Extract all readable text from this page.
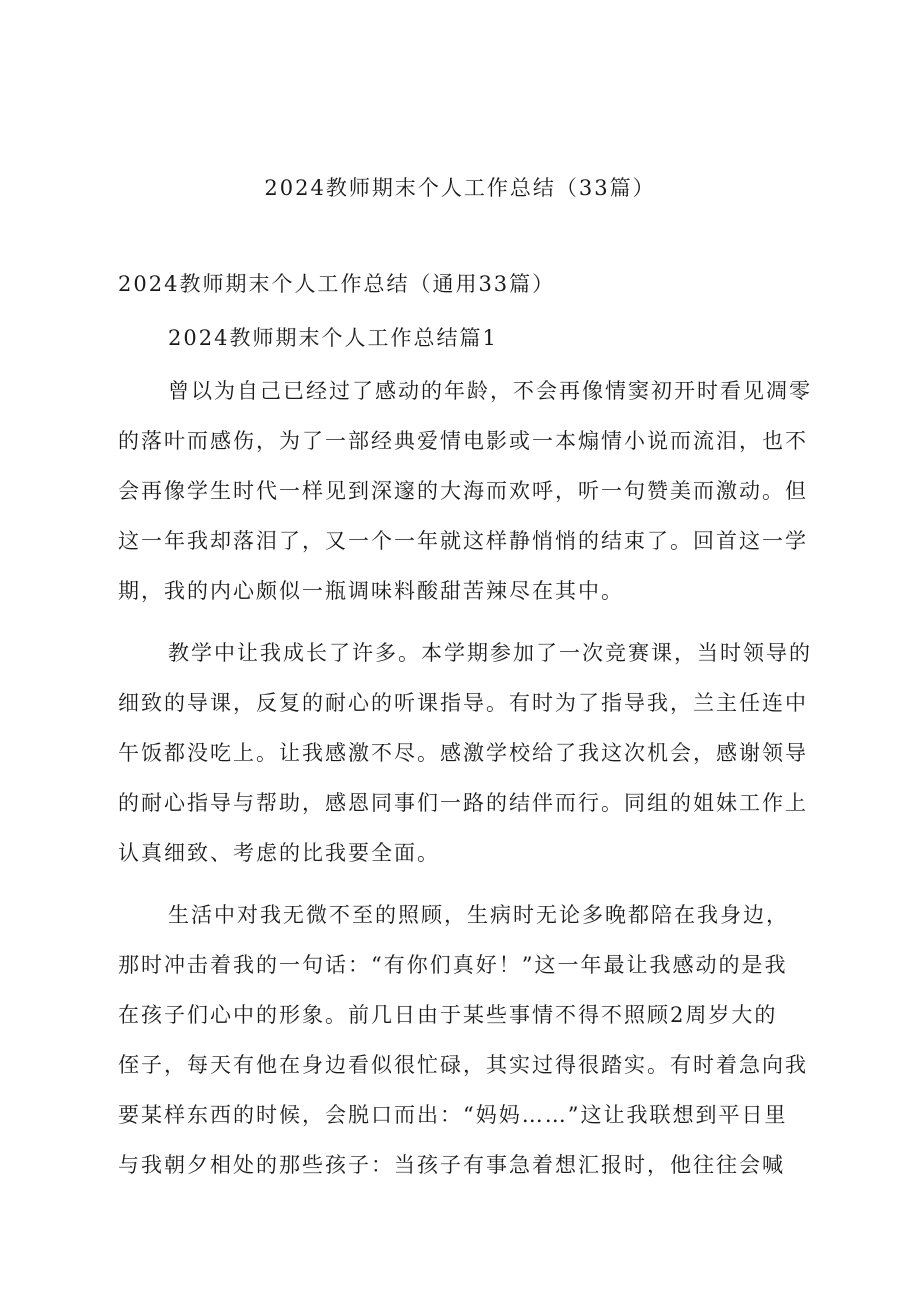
2024教师期末个人工作总结（33篇）

2024教师期末个人工作总结（通用33篇）

2024教师期末个人工作总结篇1

曾以为自己已经过了感动的年龄，不会再像情窦初开时看见凋零
的落叶而感伤，为了一部经典爱情电影或一本煽情小说而流泪，也不
会再像学生时代一样见到深邃的大海而欢呼，听一句赞美而激动。但
这一年我却落泪了，又一个一年就这样静悄悄的结束了。回首这一学
期，我的内心颇似一瓶调味料酸甜苦辣尽在其中。

教学中让我成长了许多。本学期参加了一次竞赛课，当时领导的
细致的导课，反复的耐心的听课指导。有时为了指导我，兰主任连中
午饭都没吃上。让我感激不尽。感激学校给了我这次机会，感谢领导
的耐心指导与帮助，感恩同事们一路的结伴而行。同组的姐妹工作上
认真细致、考虑的比我要全面。

生活中对我无微不至的照顾，生病时无论多晚都陪在我身边，
那时冲击着我的一句话：“有你们真好！”这一年最让我感动的是我
在孩子们心中的形象。前几日由于某些事情不得不照顾2周岁大的
侄子，每天有他在身边看似很忙碌，其实过得很踏实。有时着急向我
要某样东西的时候，会脱口而出：“妈妈……”这让我联想到平日里
与我朝夕相处的那些孩子：当孩子有事急着想汇报时，他往往会喊
